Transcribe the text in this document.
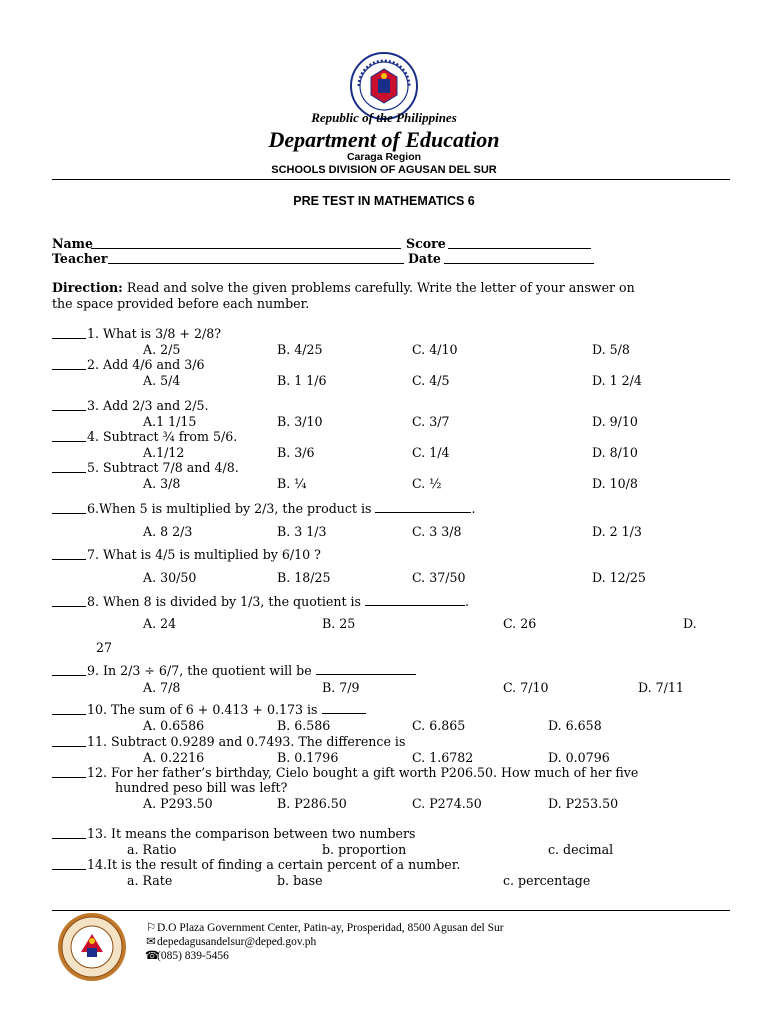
Republic of the Philippines
Department of Education
Caraga Region
SCHOOLS DIVISION OF AGUSAN DEL SUR
PRE TEST IN MATHEMATICS 6
Name	Score
Teacher	Date
Direction: Read and solve the given problems carefully. Write the letter of your answer on
the space provided before each number.
1. What is 3/8 + 2/8?
A. 2/5	B. 4/25	C. 4/10	D. 5/8
2. Add 4/6 and 3/6
A. 5/4	B. 1 1/6	C. 4/5	D. 1 2/4
3. Add 2/3 and 2/5.
A.1 1/15	B. 3/10	C. 3/7	D. 9/10
4. Subtract ¾ from 5/6.
A.1/12	B. 3/6	C. 1/4	D. 8/10
5. Subtract 7/8 and 4/8.
A. 3/8	B. ¼	C. ½	D. 10/8
6.When 5 is multiplied by 2/3, the product is	.
A. 8 2/3	B. 3 1/3	C. 3 3/8	D. 2 1/3
7. What is 4/5 is multiplied by 6/10 ?
A. 30/50	B. 18/25	C. 37/50	D. 12/25
8. When 8 is divided by 1/3, the quotient is	.
A. 24	B. 25	C. 26	D.
27
9. In 2/3 ÷ 6/7, the quotient will be
A. 7/8	B. 7/9	C. 7/10	D. 7/11
10. The sum of 6 + 0.413 + 0.173 is
A. 0.6586	B. 6.586	C. 6.865	D. 6.658
11. Subtract 0.9289 and 0.7493. The difference is
A. 0.2216	B. 0.1796	C. 1.6782	D. 0.0796
12. For her father’s birthday, Cielo bought a gift worth P206.50. How much of her five
hundred peso bill was left?
A. P293.50	B. P286.50	C. P274.50	D. P253.50
13. It means the comparison between two numbers
a. Ratio	b. proportion	c. decimal
14.It is the result of finding a certain percent of a number.
a. Rate	b. base	c. percentage
⚐D.O Plaza Government Center, Patin-ay, Prosperidad, 8500 Agusan del Sur
✉depedagusandelsur@deped.gov.ph
☎(085) 839-5456
